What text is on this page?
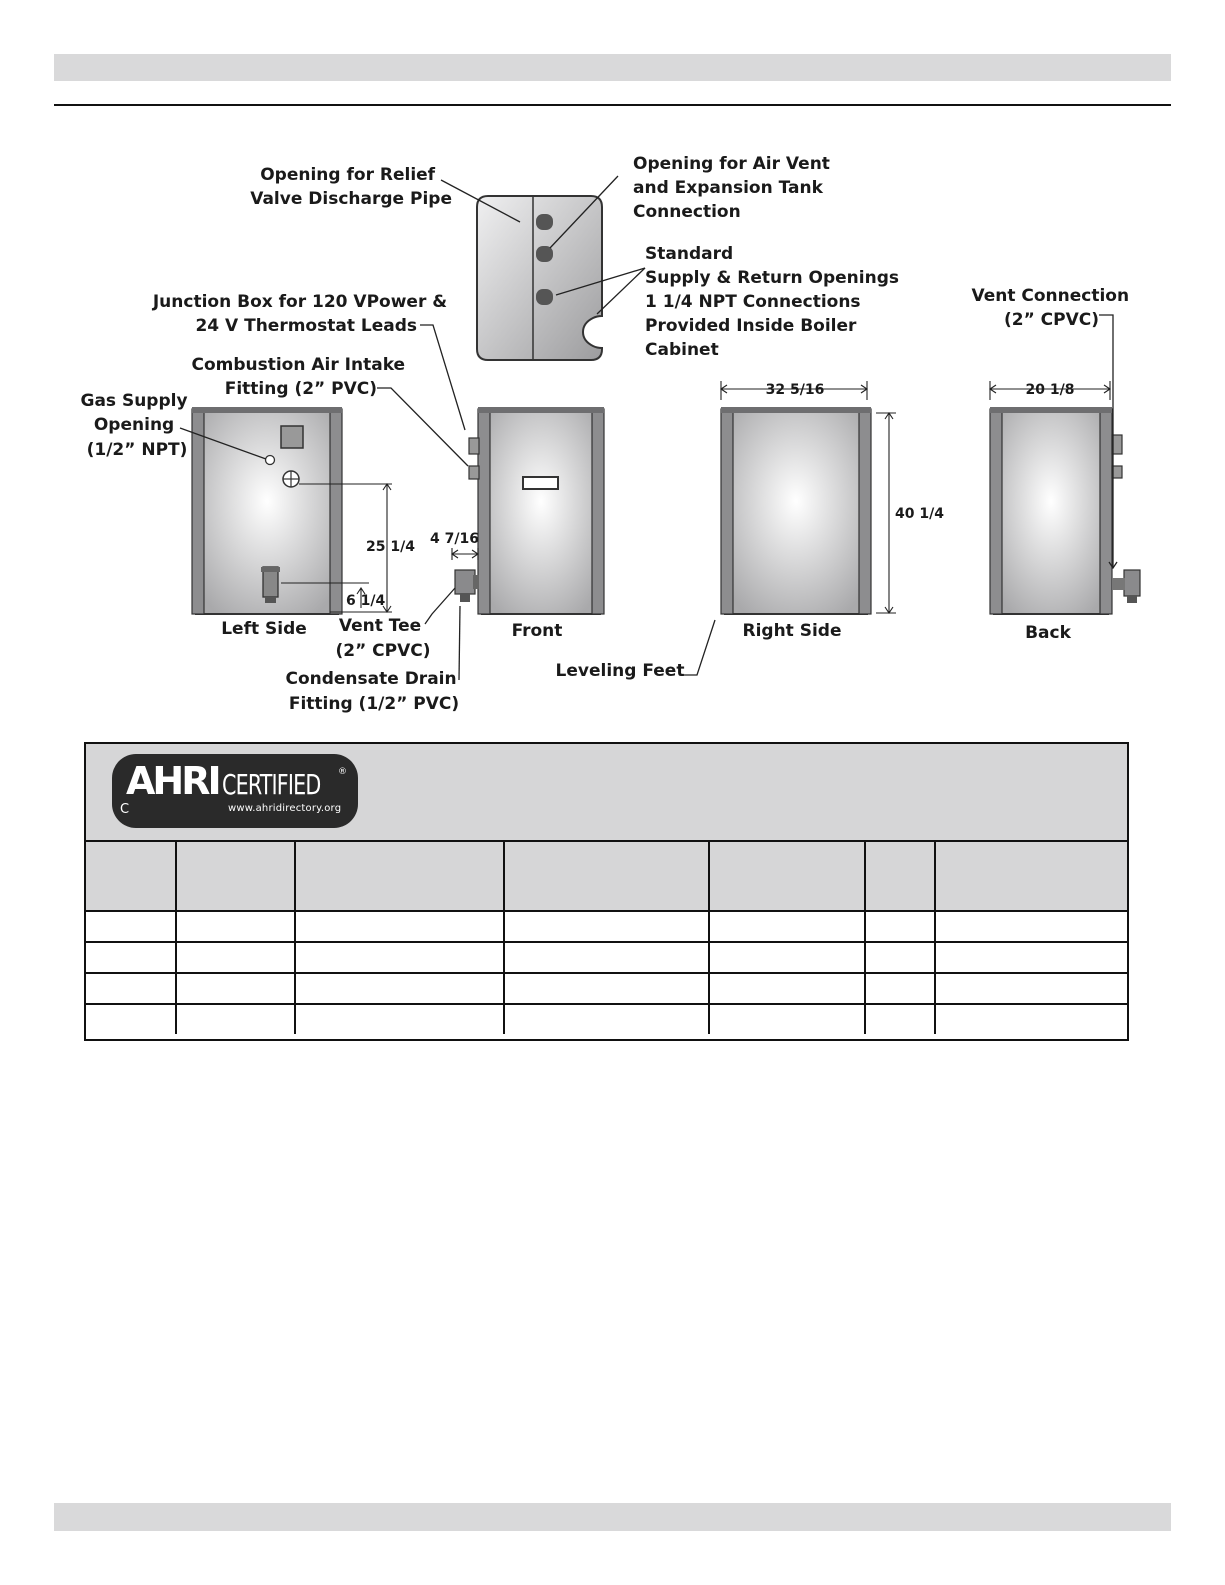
32 5/16	20 1/8
40 1/4
25 1/4
6 1/4
4 7/16
Opening for Relief Valve Discharge Pipe
Opening for Air Vent and Expansion Tank Connection
Standard Supply & Return Openings 1 1/4 NPT Connections Provided Inside Boiler Cabinet
Junction Box for 120 VPower & 24 V Thermostat Leads
Combustion Air Intake Fitting (2” PVC)
Gas Supply Opening (1/2” NPT)
Vent Connection (2” CPVC)
Vent Tee (2” CPVC)
Condensate Drain Fitting (1/2” PVC)
Leveling Feet
Left Side	Front	Right Side	Back
AHRI CERTIFIED ®
C	www.ahridirectory.org
